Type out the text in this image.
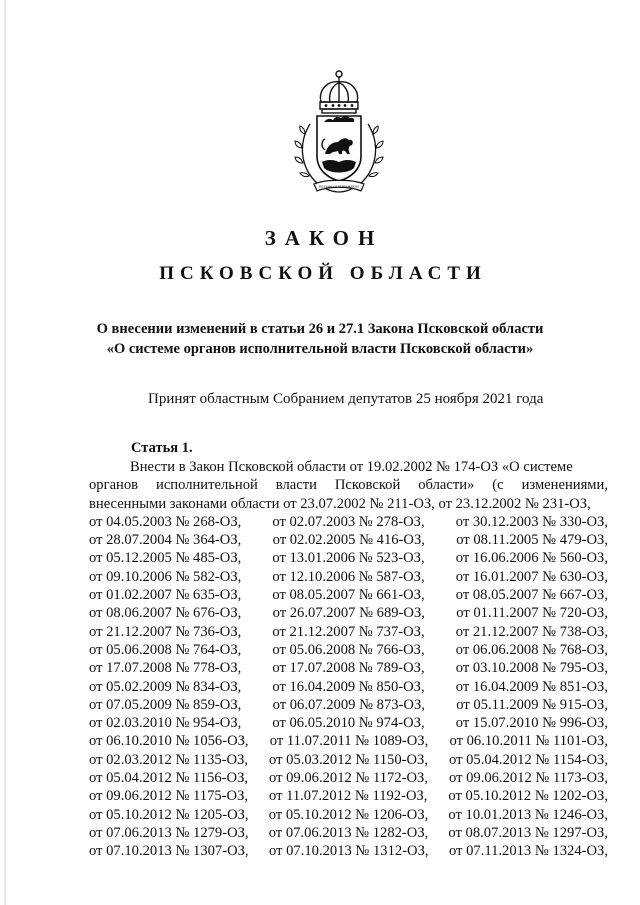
ВОЗДАНО И УТВЕРЖДЕНО
ЗАКОН
ПСКОВСКОЙ ОБЛАСТИ
О внесении изменений в статьи 26 и 27.1 Закона Псковской области
«О системе органов исполнительной власти Псковской области»
Принят областным Собранием депутатов 25 ноября 2021 года
Статья 1.
Внести в Закон Псковской области от 19.02.2002 № 174-ОЗ «О системе
органов исполнительной власти Псковской области» (с изменениями,
внесенными законами области от 23.07.2002 № 211-ОЗ, от 23.12.2002 № 231-ОЗ,
от 04.05.2003 № 268-ОЗ, от 02.07.2003 № 278-ОЗ, от 30.12.2003 № 330-ОЗ,
от 28.07.2004 № 364-ОЗ, от 02.02.2005 № 416-ОЗ, от 08.11.2005 № 479-ОЗ,
от 05.12.2005 № 485-ОЗ, от 13.01.2006 № 523-ОЗ, от 16.06.2006 № 560-ОЗ,
от 09.10.2006 № 582-ОЗ, от 12.10.2006 № 587-ОЗ, от 16.01.2007 № 630-ОЗ,
от 01.02.2007 № 635-ОЗ, от 08.05.2007 № 661-ОЗ, от 08.05.2007 № 667-ОЗ,
от 08.06.2007 № 676-ОЗ, от 26.07.2007 № 689-ОЗ, от 01.11.2007 № 720-ОЗ,
от 21.12.2007 № 736-ОЗ, от 21.12.2007 № 737-ОЗ, от 21.12.2007 № 738-ОЗ,
от 05.06.2008 № 764-ОЗ, от 05.06.2008 № 766-ОЗ, от 06.06.2008 № 768-ОЗ,
от 17.07.2008 № 778-ОЗ, от 17.07.2008 № 789-ОЗ, от 03.10.2008 № 795-ОЗ,
от 05.02.2009 № 834-ОЗ, от 16.04.2009 № 850-ОЗ, от 16.04.2009 № 851-ОЗ,
от 07.05.2009 № 859-ОЗ, от 06.07.2009 № 873-ОЗ, от 05.11.2009 № 915-ОЗ,
от 02.03.2010 № 954-ОЗ, от 06.05.2010 № 974-ОЗ, от 15.07.2010 № 996-ОЗ,
от 06.10.2010 № 1056-ОЗ, от 11.07.2011 № 1089-ОЗ, от 06.10.2011 № 1101-ОЗ,
от 02.03.2012 № 1135-ОЗ, от 05.03.2012 № 1150-ОЗ, от 05.04.2012 № 1154-ОЗ,
от 05.04.2012 № 1156-ОЗ, от 09.06.2012 № 1172-ОЗ, от 09.06.2012 № 1173-ОЗ,
от 09.06.2012 № 1175-ОЗ, от 11.07.2012 № 1192-ОЗ, от 05.10.2012 № 1202-ОЗ,
от 05.10.2012 № 1205-ОЗ, от 05.10.2012 № 1206-ОЗ, от 10.01.2013 № 1246-ОЗ,
от 07.06.2013 № 1279-ОЗ, от 07.06.2013 № 1282-ОЗ, от 08.07.2013 № 1297-ОЗ,
от 07.10.2013 № 1307-ОЗ, от 07.10.2013 № 1312-ОЗ, от 07.11.2013 № 1324-ОЗ,
